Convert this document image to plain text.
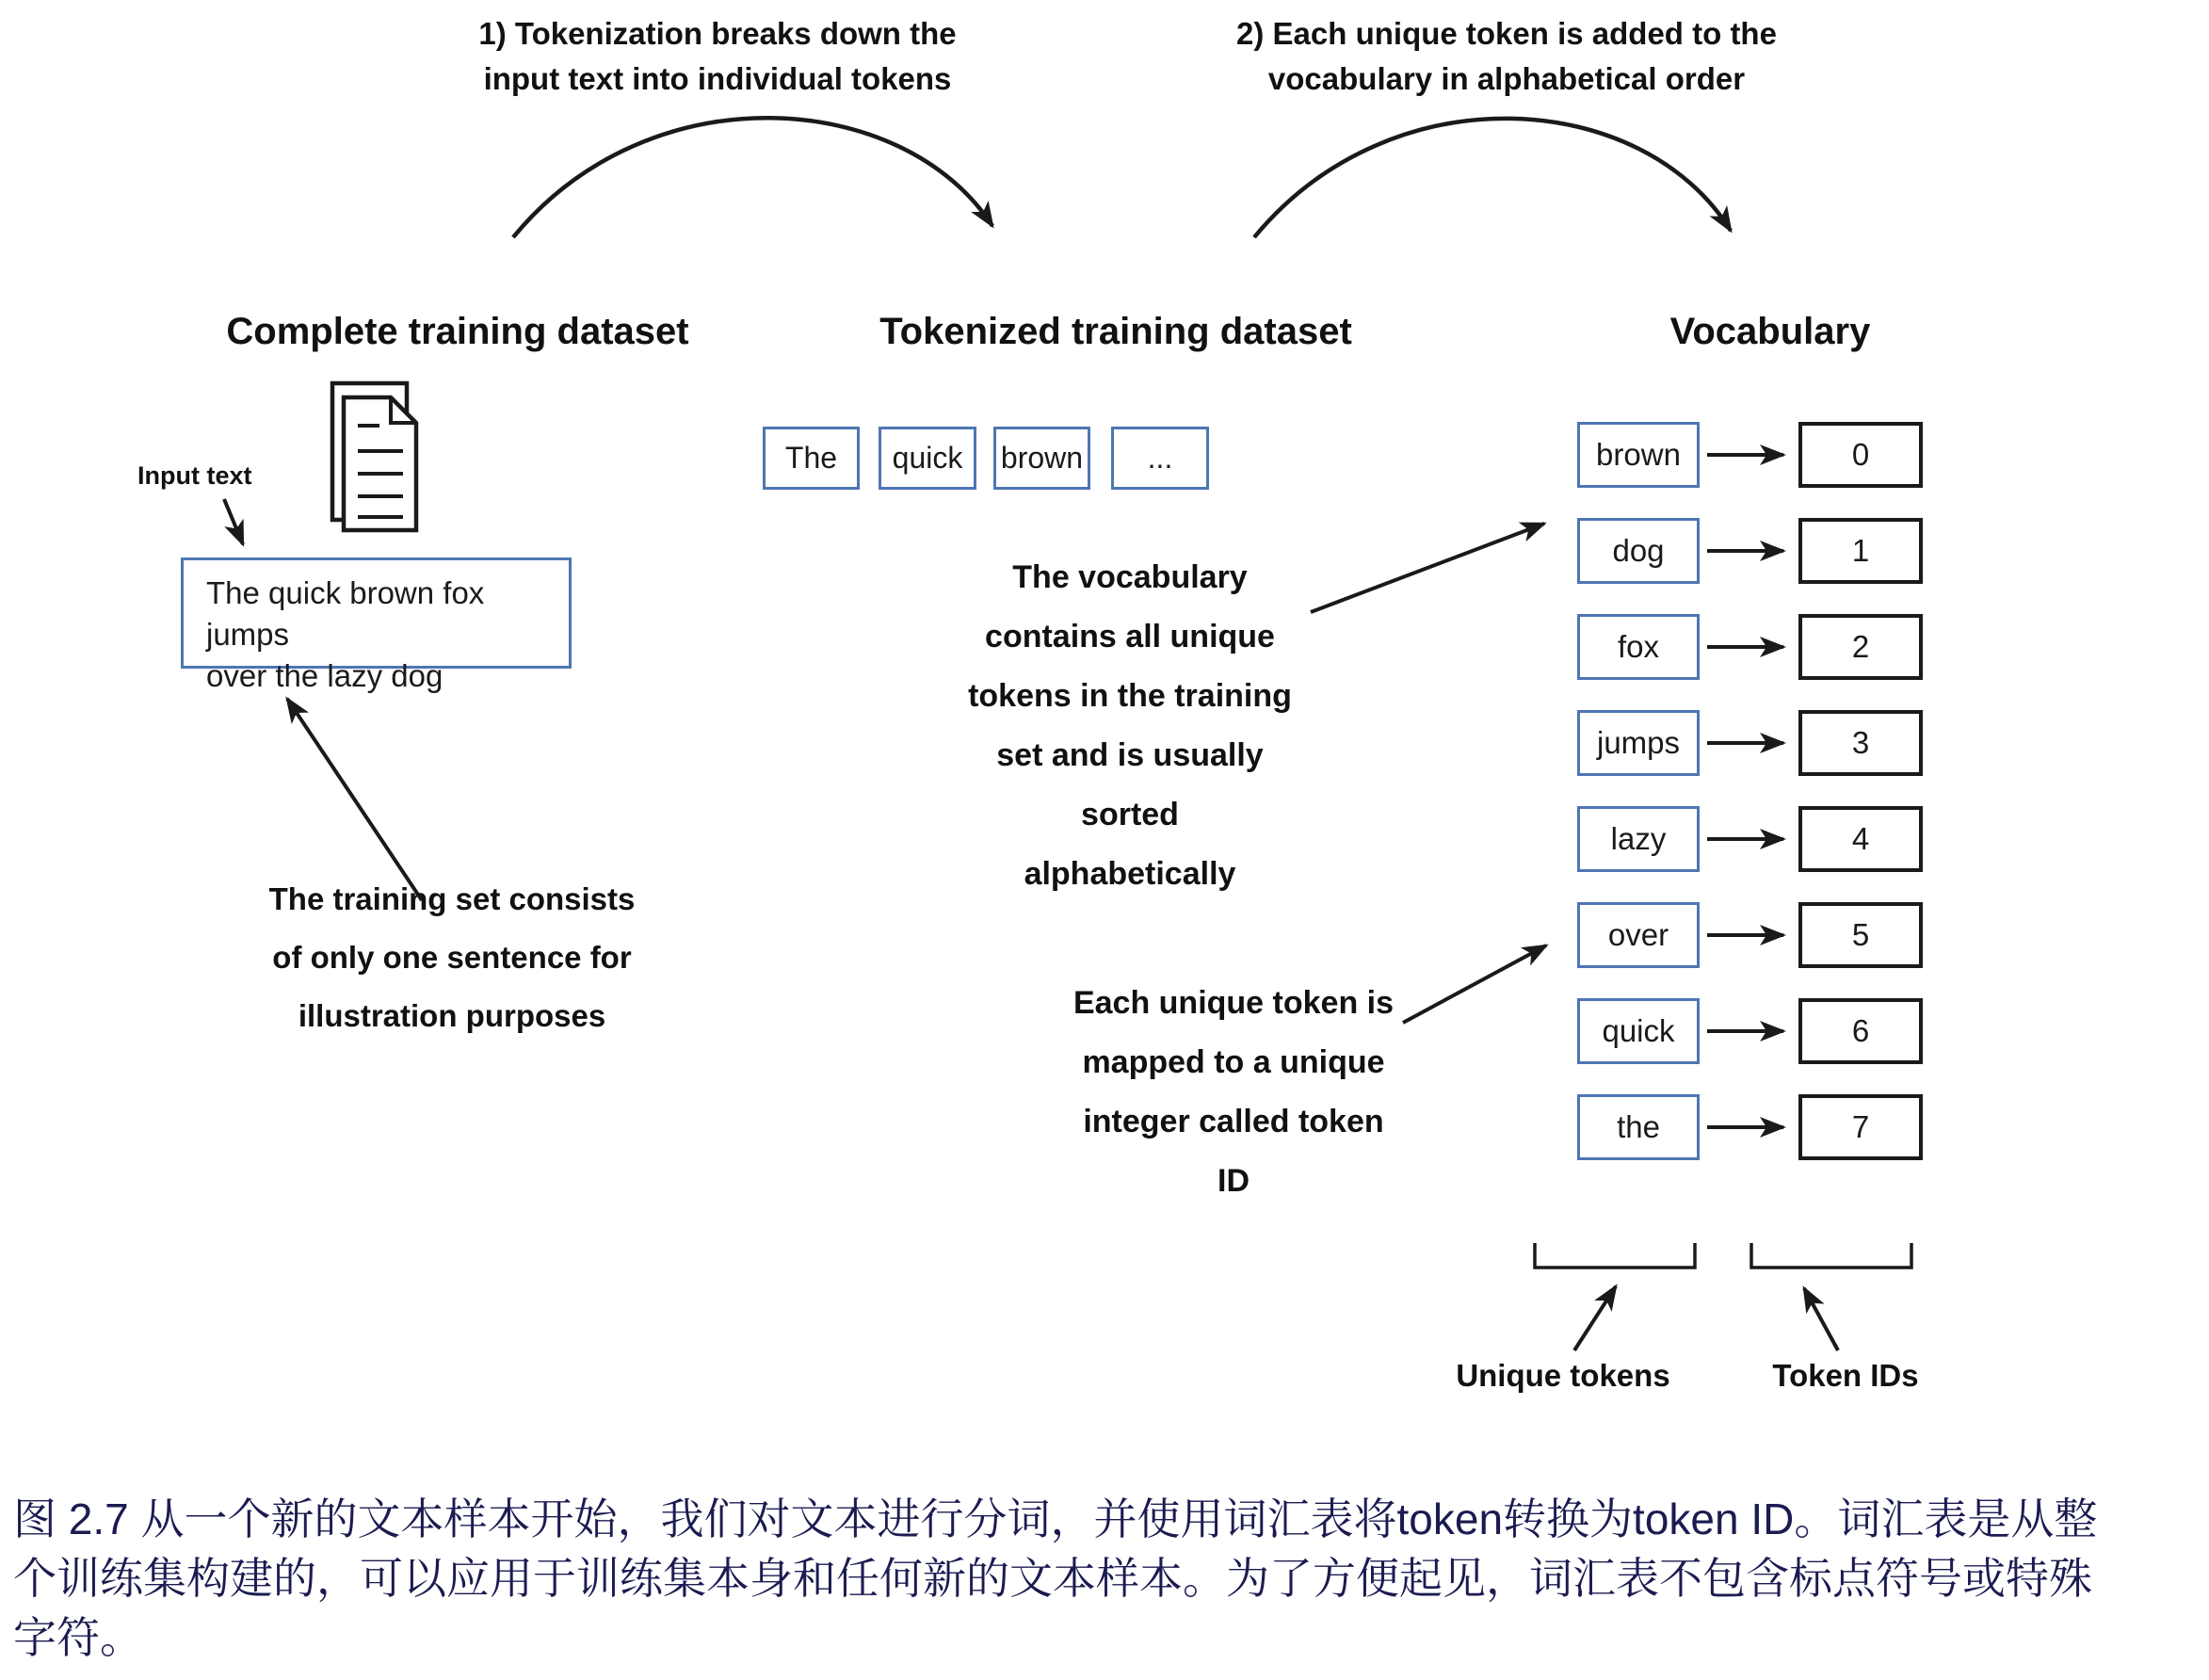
1) Tokenization breaks down the
input text into individual tokens
2) Each unique token is added to the
vocabulary in alphabetical order
Complete training dataset	Tokenized training dataset	Vocabulary
Input text
The quick brown fox jumps
over the lazy dog
The training set consists
of only one sentence for
illustration purposes
The	quick	brown	...
The vocabulary
contains all unique
tokens in the training
set and is usually
sorted
alphabetically
Each unique token is
mapped to a unique
integer called token
ID
brown	0
dog	1
fox	2
jumps	3
lazy	4
over	5
quick	6
the	7
Unique tokens	Token IDs
图 2.7 从一个新的文本样本开始，我们对文本进行分词，并使用词汇表将token转换为token ID。词汇表是从整
个训练集构建的，可以应用于训练集本身和任何新的文本样本。为了方便起见，词汇表不包含标点符号或特殊
字符。
